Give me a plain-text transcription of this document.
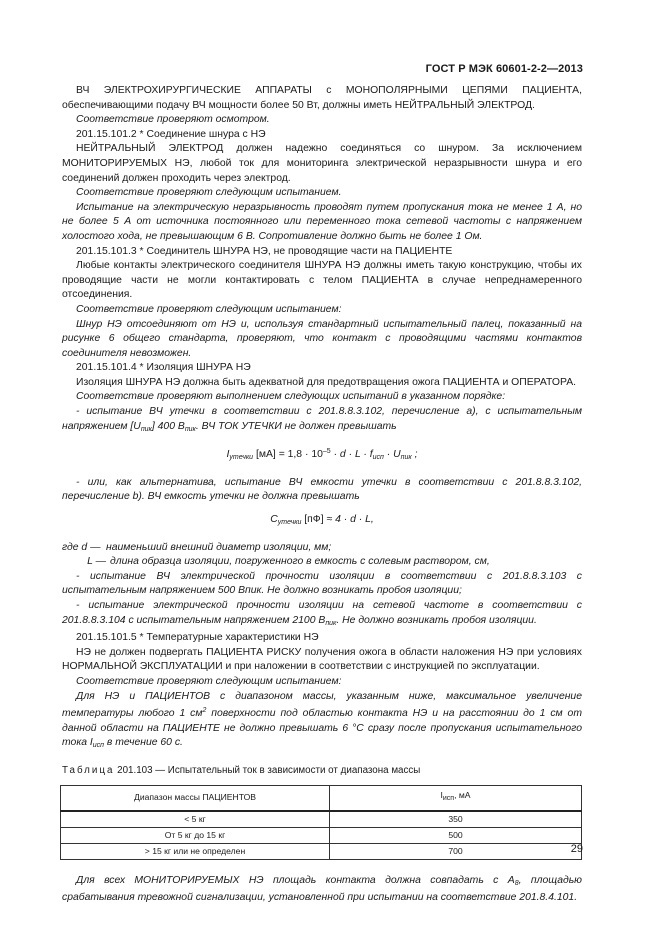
ГОСТ Р МЭК 60601-2-2—2013

ВЧ ЭЛЕКТРОХИРУРГИЧЕСКИЕ АППАРАТЫ с МОНОПОЛЯРНЫМИ ЦЕПЯМИ ПАЦИЕНТА, обеспечивающими подачу ВЧ мощности более 50 Вт, должны иметь НЕЙТРАЛЬНЫЙ ЭЛЕКТРОД.

Соответствие проверяют осмотром.

201.15.101.2 * Соединение шнура с НЭ

НЕЙТРАЛЬНЫЙ ЭЛЕКТРОД должен надежно соединяться со шнуром. За исключением МОНИТОРИРУЕМЫХ НЭ, любой ток для мониторинга электрической неразрывности шнура и его соединений должен проходить через электрод.

Соответствие проверяют следующим испытанием.

Испытание на электрическую неразрывность проводят путем пропускания тока не менее 1 А, но не более 5 А от источника постоянного или переменного тока сетевой частоты с напряжением холостого хода, не превышающим 6 В. Сопротивление должно быть не более 1 Ом.

201.15.101.3 * Соединитель ШНУРА НЭ, не проводящие части на ПАЦИЕНТЕ

Любые контакты электрического соединителя ШНУРА НЭ должны иметь такую конструкцию, чтобы их проводящие части не могли контактировать с телом ПАЦИЕНТА в случае непреднамеренного отсоединения.

Соответствие проверяют следующим испытанием:

Шнур НЭ отсоединяют от НЭ и, используя стандартный испытательный палец, показанный на рисунке 6 общего стандарта, проверяют, что контакт с проводящими частями контактов соединителя невозможен.

201.15.101.4 * Изоляция ШНУРА НЭ

Изоляция ШНУРА НЭ должна быть адекватной для предотвращения ожога ПАЦИЕНТА и ОПЕРАТОРА.

Соответствие проверяют выполнением следующих испытаний в указанном порядке:

- испытание ВЧ утечки в соответствии с 201.8.8.3.102, перечисление а), с испытательным напряжением $[U_{пик}]$ 400 $В_{пик}$. ВЧ ТОК УТЕЧКИ не должен превышать

$I_{утечки}$ $[мА] = 1,8 \cdot 10^{-5} \cdot d \cdot L \cdot f_{исп} \cdot U_{пик}$ ;

- или, как альтернатива, испытание ВЧ емкости утечки в соответствии с 201.8.8.3.102, перечисление b). ВЧ емкость утечки не должна превышать

$C_{утечки}$ [пФ] ≈ 4 · d · L,
где d — наименьший внешний диаметр изоляции, мм;
L — длина образца изоляции, погруженного в емкость с солевым раствором, см,

- испытание ВЧ электрической прочности изоляции в соответствии с 201.8.8.3.103 с испытательным напряжением 500 Впик. Не должно возникать пробоя изоляции;

- испытание электрической прочности изоляции на сетевой частоте в соответствии с 201.8.8.3.104 с испытательным напряжением 2100 $В_{пик}$. Не должно возникать пробоя изоляции.

201.15.101.5 * Температурные характеристики НЭ

НЭ не должен подвергать ПАЦИЕНТА РИСКУ получения ожога в области наложения НЭ при условиях НОРМАЛЬНОЙ ЭКСПЛУАТАЦИИ и при наложении в соответствии с инструкцией по эксплуатации.

Соответствие проверяют следующим испытанием:

Для НЭ и ПАЦИЕНТОВ с диапазоном массы, указанным ниже, максимальное увеличение температуры любого 1 $см^2$ поверхности под областью контакта НЭ и на расстоянии до 1 см от данной области на ПАЦИЕНТЕ не должно превышать 6 °С сразу после пропускания испытательного тока $I_{исп}$ в течение 60 с.

Таблица 201.103 — Испытательный ток в зависимости от диапазона массы

Диапазон массы ПАЦИЕНТОВ	$I_{исп}$, мА
< 5 кг	350
От 5 кг до 15 кг	500
> 15 кг или не определен	700

Для всех МОНИТОРИРУЕМЫХ НЭ площадь контакта должна совпадать с $А_8$, площадью срабатывания тревожной сигнализации, установленной при испытании на соответствие 201.8.4.101.

29
